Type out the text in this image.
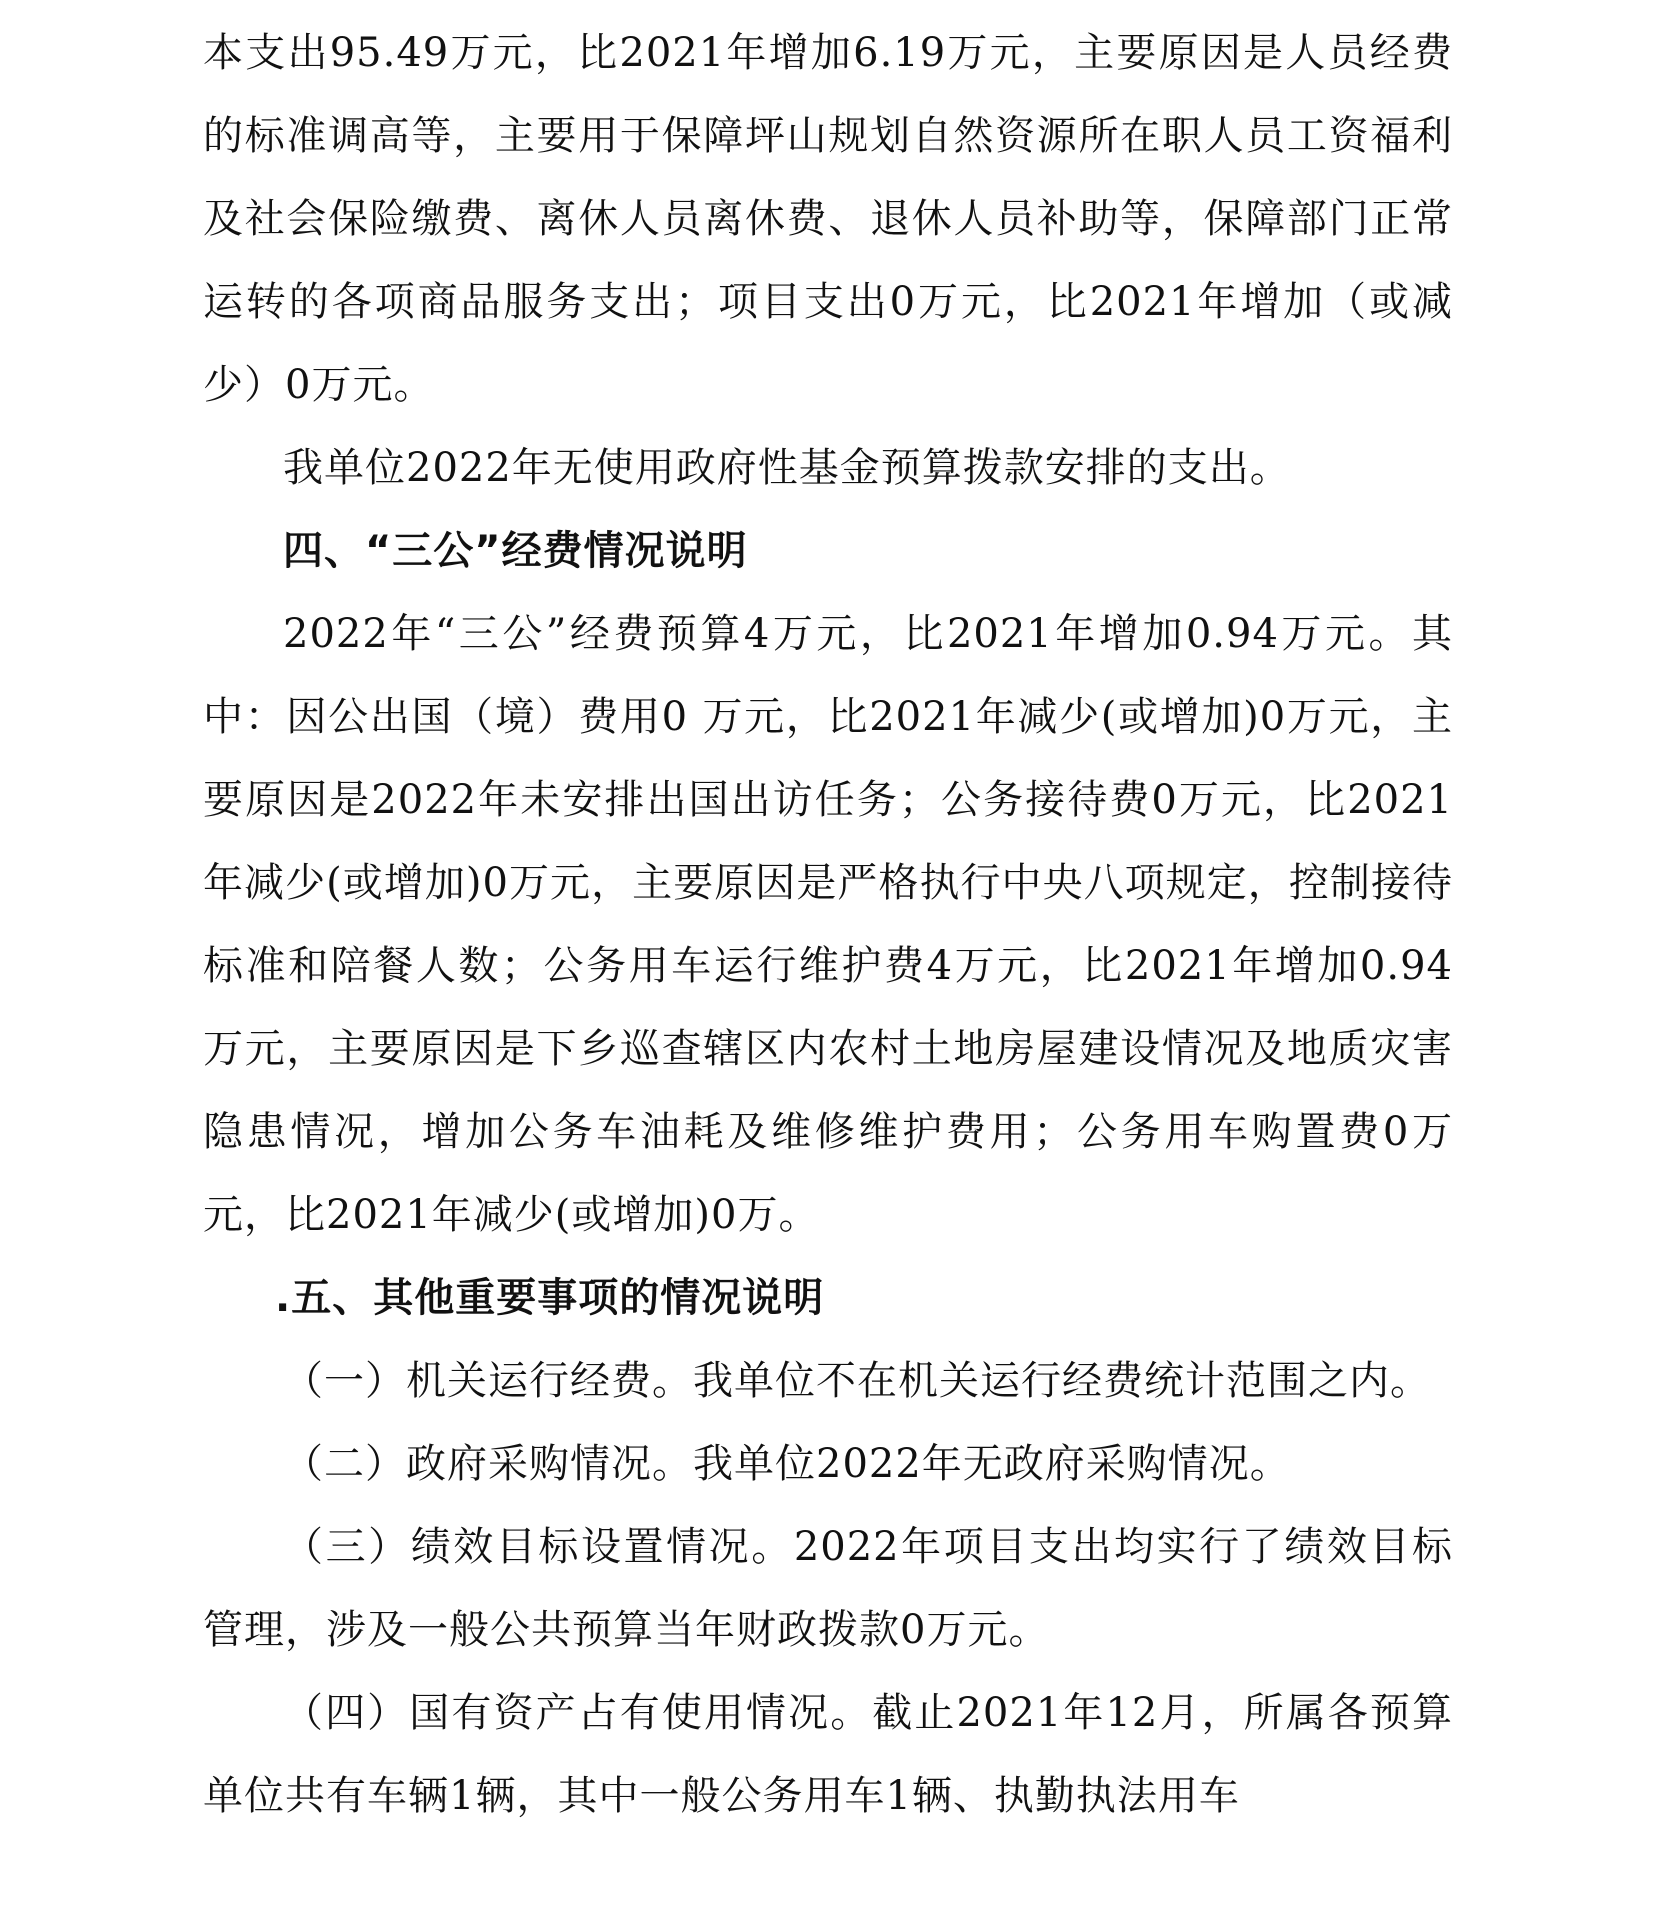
本支出95.49万元，比2021年增加6.19万元，主要原因是人员经费的标准调高等，主要用于保障坪山规划自然资源所在职人员工资福利及社会保险缴费、离休人员离休费、退休人员补助等，保障部门正常运转的各项商品服务支出；项目支出0万元，比2021年增加（或减少）0万元。

我单位2022年无使用政府性基金预算拨款安排的支出。

四、“三公”经费情况说明

2022年“三公”经费预算4万元，比2021年增加0.94万元。其中：因公出国（境）费用0 万元，比2021年减少(或增加)0万元，主要原因是2022年未安排出国出访任务；公务接待费0万元，比2021年减少(或增加)0万元，主要原因是严格执行中央八项规定，控制接待标准和陪餐人数；公务用车运行维护费4万元，比2021年增加0.94万元，主要原因是下乡巡查辖区内农村土地房屋建设情况及地质灾害隐患情况，增加公务车油耗及维修维护费用；公务用车购置费0万元，比2021年减少(或增加)0万。

.五、其他重要事项的情况说明

（一）机关运行经费。我单位不在机关运行经费统计范围之内。

（二）政府采购情况。我单位2022年无政府采购情况。

（三）绩效目标设置情况。2022年项目支出均实行了绩效目标管理，涉及一般公共预算当年财政拨款0万元。

（四）国有资产占有使用情况。截止2021年12月，所属各预算单位共有车辆1辆，其中一般公务用车1辆、执勤执法用车
